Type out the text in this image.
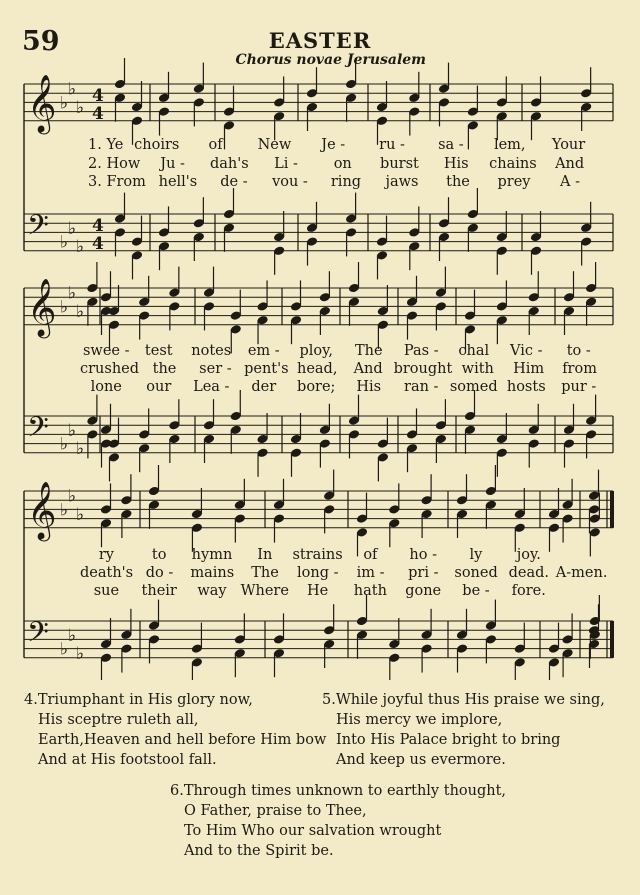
59	EASTER
Chorus novae Jerusalem
𝄞 ♭
♭
♭
4
4
𝄢 ♭
♭
♭
4
4
𝄞 ♭
♭
♭
𝄢 ♭
♭
♭
𝄞 ♭
♭
♭
𝄢 ♭
♭
♭
1. Ye choirs	of	New	Je -	ru -	sa -	lem,	Your
2. How	Ju -	dah's	Li -	on	burst	His	chains	And
3. From hell's	de -	vou -	ring	jaws	the	prey	A -
swee -	test	notes	em -	ploy,	The	Pas -	chal	Vic -	to -
crushed the	ser - pent's head,	And brought with	Him	from
lone	our	Lea -	der	bore;	His	ran - somed hosts	pur -
ry	to	hymn	In	strains	of	ho -	ly	joy.
death's do -	mains	The	long -	im -	pri -	soned dead. A-men.
sue	their	way Where	He	hath	gone	be -	fore.
4.Triumphant in His glory now,
His sceptre ruleth all,
Earth,Heaven and hell before Him bow
And at His footstool fall.
5.While joyful thus His praise we sing,
His mercy we implore,
Into His Palace bright to bring
And keep us evermore.
6.Through times unknown to earthly thought,
O Father, praise to Thee,
To Him Who our salvation wrought
And to the Spirit be.
